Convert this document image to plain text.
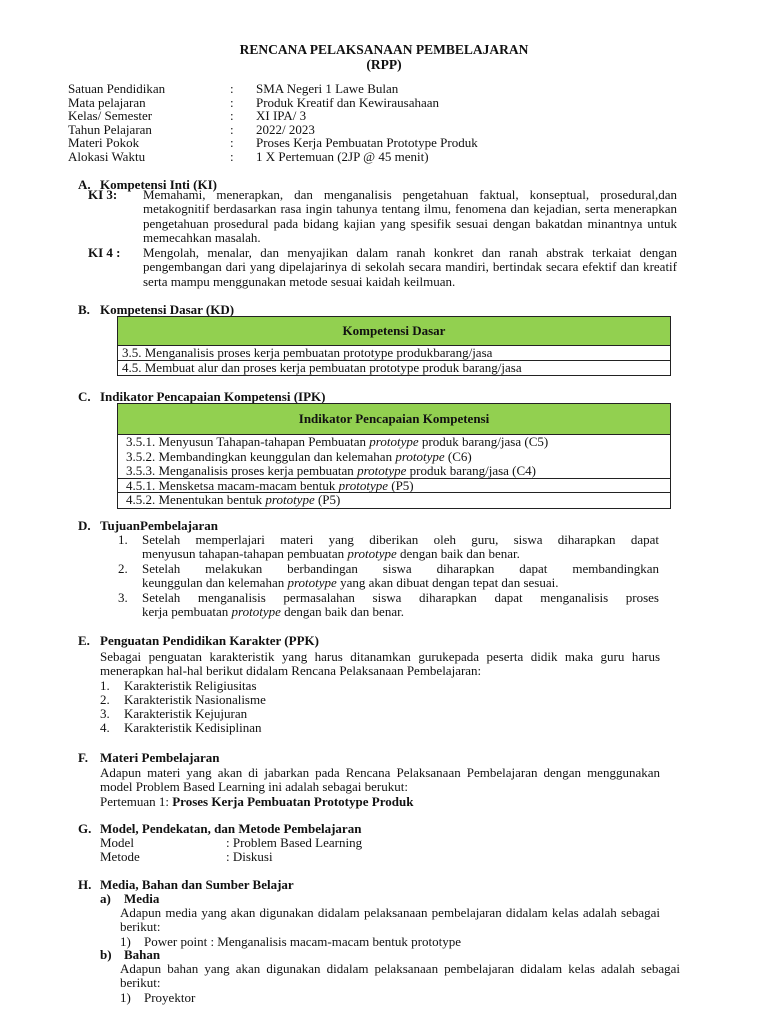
RENCANA PELAKSANAAN PEMBELAJARAN
(RPP)
Satuan Pendidikan	: SMA Negeri 1 Lawe Bulan
Mata pelajaran	: Produk Kreatif dan Kewirausahaan
Kelas/ Semester	: XI IPA/ 3
Tahun Pelajaran	: 2022/ 2023
Materi Pokok	: Proses Kerja Pembuatan Prototype Produk
Alokasi Waktu	: 1 X Pertemuan (2JP @ 45 menit)
A. Kompetensi Inti (KI)
KI 3: Memahami, menerapkan, dan menganalisis pengetahuan faktual, konseptual, prosedural,dan metakognitif berdasarkan rasa ingin tahunya tentang ilmu, fenomena dan kejadian, serta menerapkan pengetahuan prosedural pada bidang kajian yang spesifik sesuai dengan bakatdan minantnya untuk memecahkan masalah.
KI 4 : Mengolah, menalar, dan menyajikan dalam ranah konkret dan ranah abstrak terkaiat dengan pengembangan dari yang dipelajarinya di sekolah secara mandiri, bertindak secara efektif dan kreatif serta mampu menggunakan metode sesuai kaidah keilmuan.
B. Kompetensi Dasar (KD)
Kompetensi Dasar
3.5. Menganalisis proses kerja pembuatan prototype produkbarang/jasa
4.5. Membuat alur dan proses kerja pembuatan prototype produk barang/jasa
C. Indikator Pencapaian Kompetensi (IPK)
Indikator Pencapaian Kompetensi
3.5.1. Menyusun Tahapan-tahapan Pembuatan prototype produk barang/jasa (C5)
3.5.2. Membandingkan keunggulan dan kelemahan prototype (C6)
3.5.3. Menganalisis proses kerja pembuatan prototype produk barang/jasa (C4)
4.5.1. Mensketsa macam-macam bentuk prototype (P5)
4.5.2. Menentukan bentuk prototype (P5)
D. TujuanPembelajaran
1. Setelah memperlajari materi yang diberikan oleh guru, siswa diharapkan dapat
menyusun tahapan-tahapan pembuatan prototype dengan baik dan benar.
2. Setelah melakukan berbandingan siswa diharapkan dapat membandingkan
keunggulan dan kelemahan prototype yang akan dibuat dengan tepat dan sesuai.
3. Setelah menganalisis permasalahan siswa diharapkan dapat menganalisis proses
kerja pembuatan prototype dengan baik dan benar.
E. Penguatan Pendidikan Karakter (PPK)
Sebagai penguatan karakteristik yang harus ditanamkan gurukepada peserta didik maka guru harus menerapkan hal-hal berikut didalam Rencana Pelaksanaan Pembelajaran:
1. Karakteristik Religiusitas
2. Karakteristik Nasionalisme
3. Karakteristik Kejujuran
4. Karakteristik Kedisiplinan
F. Materi Pembelajaran
Adapun materi yang akan di jabarkan pada Rencana Pelaksanaan Pembelajaran dengan menggunakan model Problem Based Learning ini adalah sebagai berukut:
Pertemuan 1: Proses Kerja Pembuatan Prototype Produk
G. Model, Pendekatan, dan Metode Pembelajaran
Model	: Problem Based Learning
Metode	: Diskusi
H. Media, Bahan dan Sumber Belajar
a) Media
Adapun media yang akan digunakan didalam pelaksanaan pembelajaran didalam kelas adalah sebagai berikut:
1) Power point : Menganalisis macam-macam bentuk prototype
b) Bahan
Adapun bahan yang akan digunakan didalam pelaksanaan pembelajaran didalam kelas adalah sebagai berikut:
1) Proyektor
